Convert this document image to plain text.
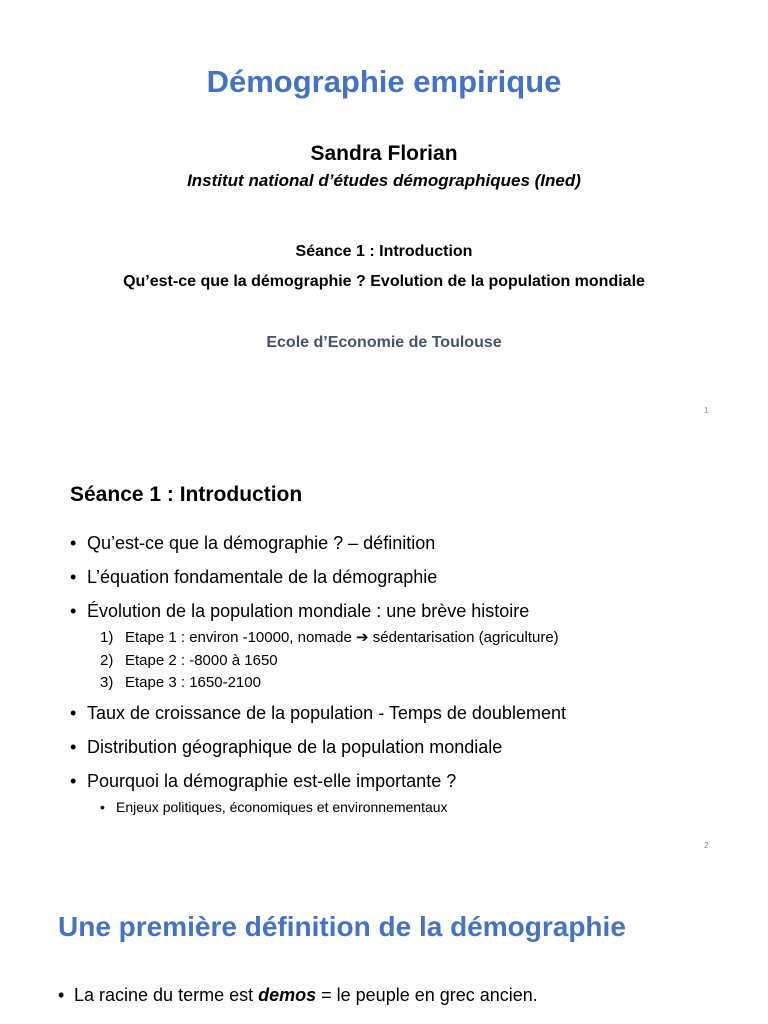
Démographie empirique
Sandra Florian
Institut national d’études démographiques (Ined)
Séance 1 : Introduction
Qu’est-ce que la démographie ? Evolution de la population mondiale
Ecole d’Economie de Toulouse
1
Séance 1 : Introduction
• Qu’est-ce que la démographie ? – définition
• L’équation fondamentale de la démographie
• Évolution de la population mondiale : une brève histoire
1) Etape 1 : environ -10000, nomade ➔ sédentarisation (agriculture)
2) Etape 2 : -8000 à 1650
3) Etape 3 : 1650-2100
• Taux de croissance de la population - Temps de doublement
• Distribution géographique de la population mondiale
• Pourquoi la démographie est-elle importante ?
• Enjeux politiques, économiques et environnementaux
2
Une première définition de la démographie
• La racine du terme est demos = le peuple en grec ancien.
